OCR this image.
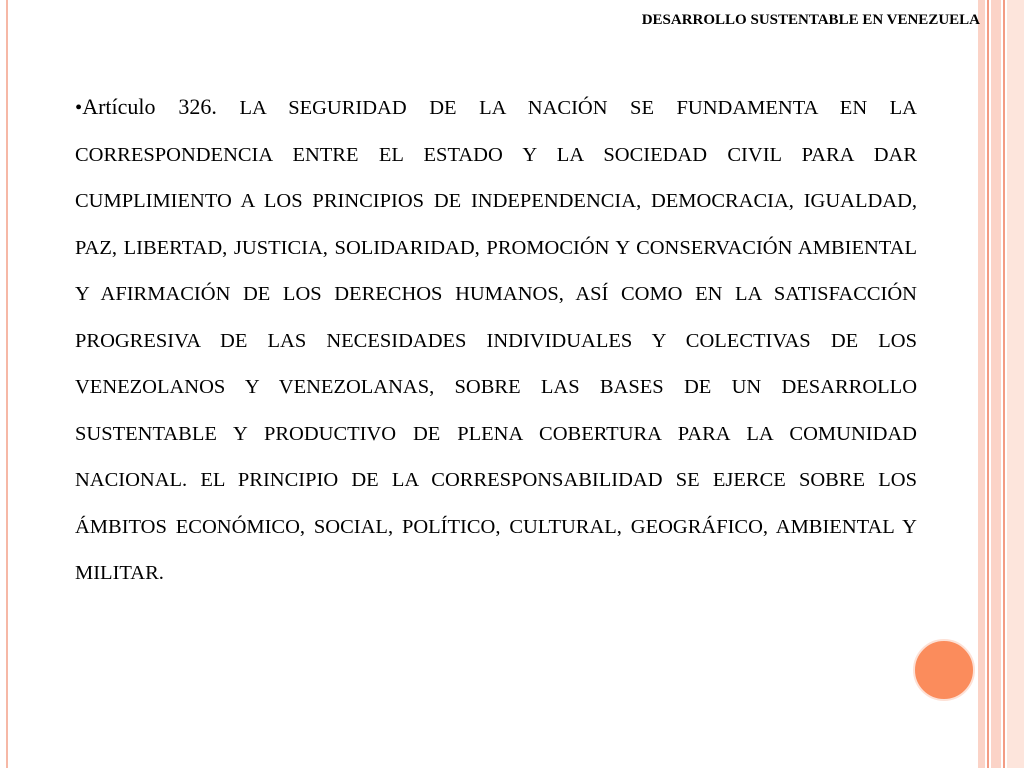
DESARROLLO SUSTENTABLE EN VENEZUELA

•Artículo 326. LA SEGURIDAD DE LA NACIÓN SE FUNDAMENTA EN LA CORRESPONDENCIA ENTRE EL ESTADO Y LA SOCIEDAD CIVIL PARA DAR CUMPLIMIENTO A LOS PRINCIPIOS DE INDEPENDENCIA, DEMOCRACIA, IGUALDAD, PAZ, LIBERTAD, JUSTICIA, SOLIDARIDAD, PROMOCIÓN Y CONSERVACIÓN AMBIENTAL Y AFIRMACIÓN DE LOS DERECHOS HUMANOS, ASÍ COMO EN LA SATISFACCIÓN PROGRESIVA DE LAS NECESIDADES INDIVIDUALES Y COLECTIVAS DE LOS VENEZOLANOS Y VENEZOLANAS, SOBRE LAS BASES DE UN DESARROLLO SUSTENTABLE Y PRODUCTIVO DE PLENA COBERTURA PARA LA COMUNIDAD NACIONAL. EL PRINCIPIO DE LA CORRESPONSABILIDAD SE EJERCE SOBRE LOS ÁMBITOS ECONÓMICO, SOCIAL, POLÍTICO, CULTURAL, GEOGRÁFICO, AMBIENTAL Y MILITAR.
